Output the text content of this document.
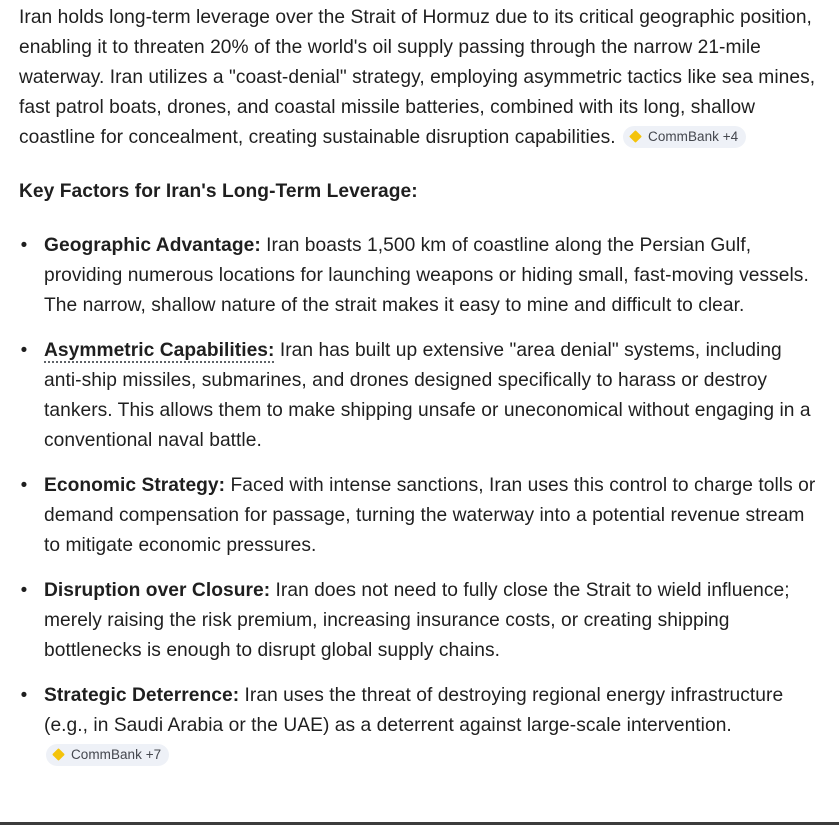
Iran holds long-term leverage over the Strait of Hormuz due to its critical geographic position, enabling it to threaten 20% of the world's oil supply passing through the narrow 21-mile waterway. Iran utilizes a "coast-denial" strategy, employing asymmetric tactics like sea mines, fast patrol boats, drones, and coastal missile batteries, combined with its long, shallow coastline for concealment, creating sustainable disruption capabilities. CommBank +4

Key Factors for Iran's Long-Term Leverage:
• Geographic Advantage: Iran boasts 1,500 km of coastline along the Persian Gulf, providing numerous locations for launching weapons or hiding small, fast-moving vessels. The narrow, shallow nature of the strait makes it easy to mine and difficult to clear.
• Asymmetric Capabilities: Iran has built up extensive "area denial" systems, including anti-ship missiles, submarines, and drones designed specifically to harass or destroy tankers. This allows them to make shipping unsafe or uneconomical without engaging in a conventional naval battle.
• Economic Strategy: Faced with intense sanctions, Iran uses this control to charge tolls or demand compensation for passage, turning the waterway into a potential revenue stream to mitigate economic pressures.
• Disruption over Closure: Iran does not need to fully close the Strait to wield influence; merely raising the risk premium, increasing insurance costs, or creating shipping bottlenecks is enough to disrupt global supply chains.
• Strategic Deterrence: Iran uses the threat of destroying regional energy infrastructure (e.g., in Saudi Arabia or the UAE) as a deterrent against large-scale intervention.
CommBank +7
